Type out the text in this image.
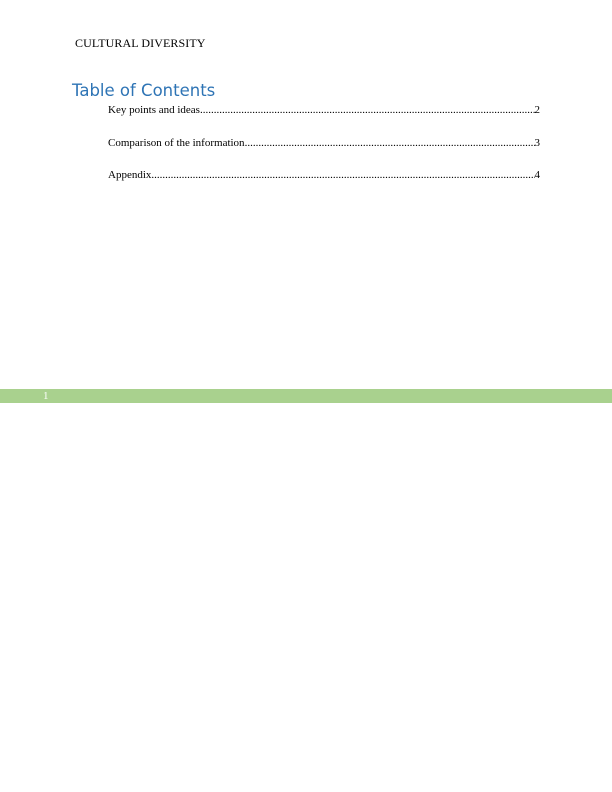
CULTURAL DIVERSITY
Table of Contents
Key points and ideas .....	2
Comparison of the information .....	3
Appendix .....	4
1
